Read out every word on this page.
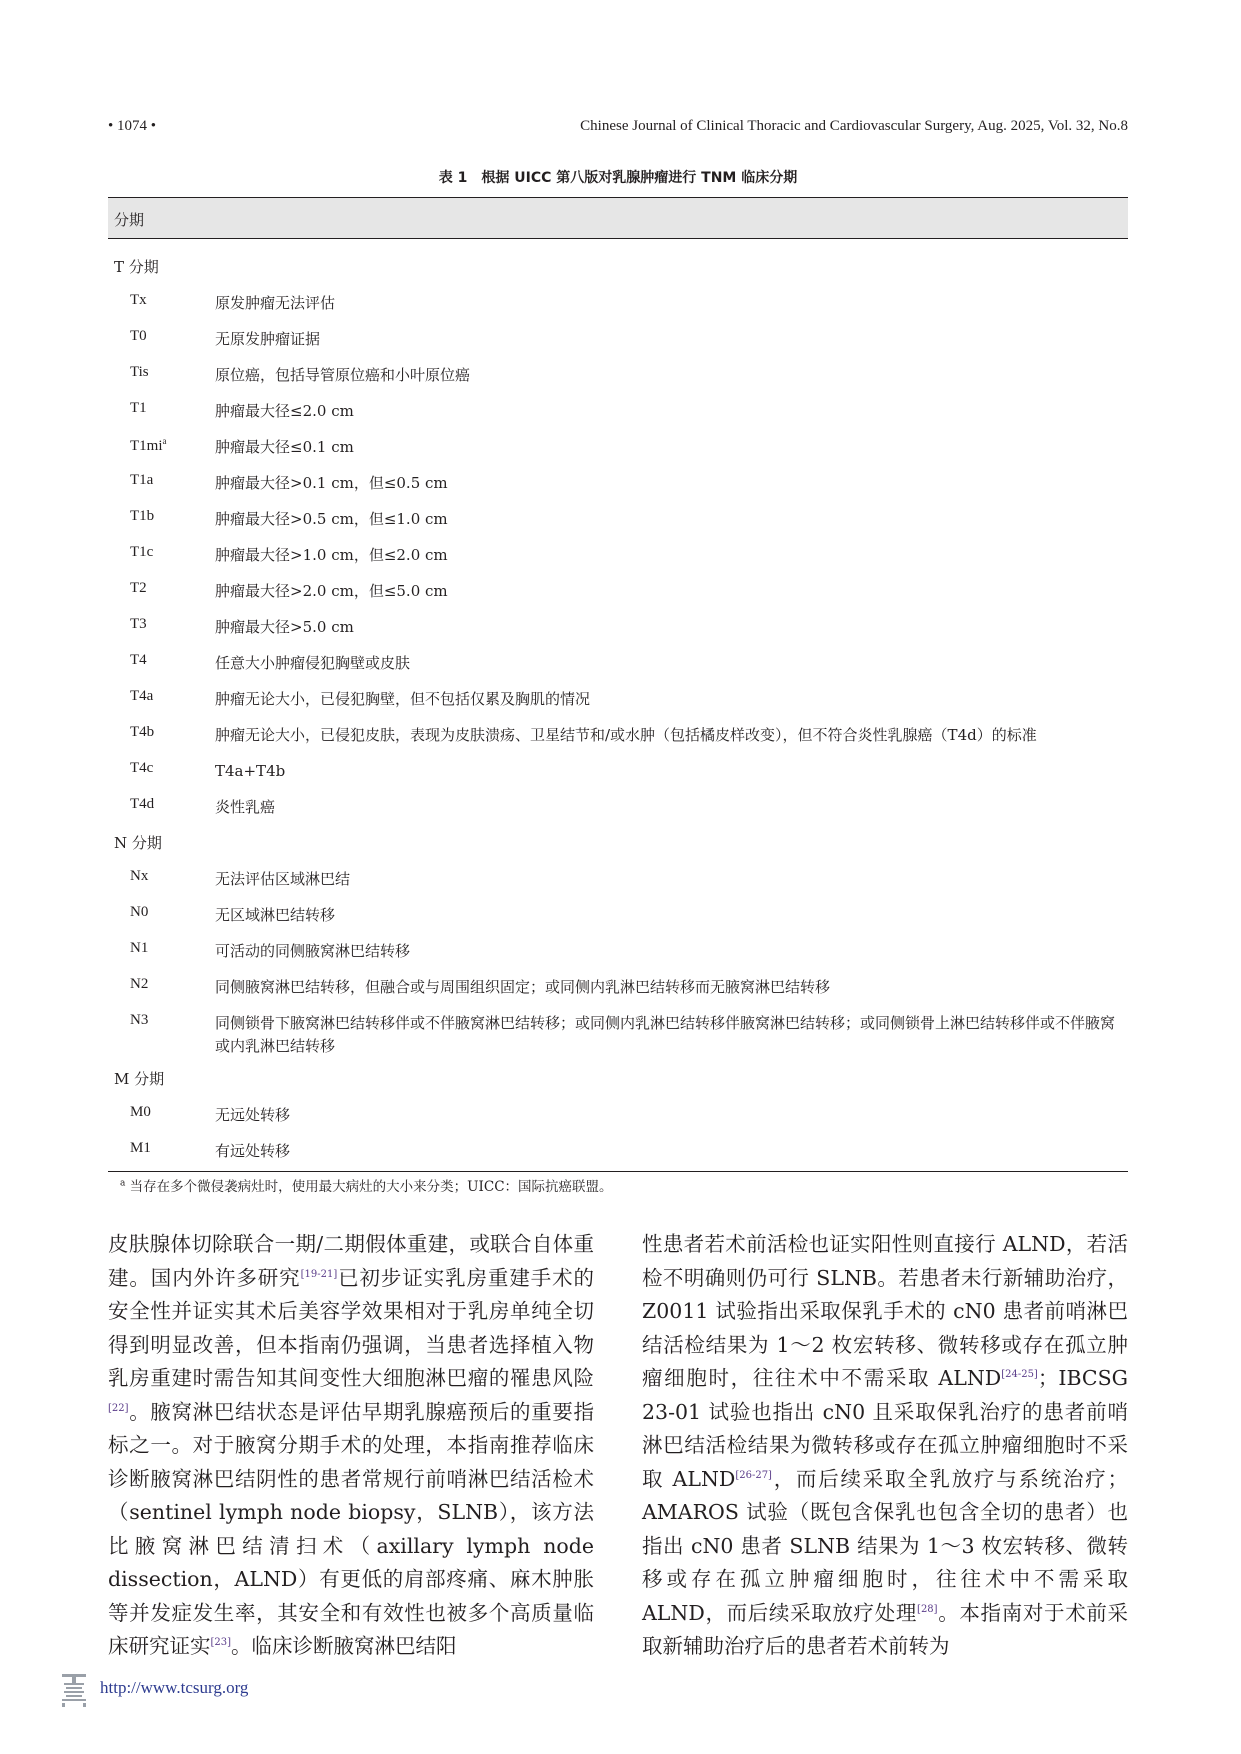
• 1074 •	Chinese Journal of Clinical Thoracic and Cardiovascular Surgery, Aug. 2025, Vol. 32, No.8
表 1　根据 UICC 第八版对乳腺肿瘤进行 TNM 临床分期
分期
T 分期
Tx	原发肿瘤无法评估
T0	无原发肿瘤证据
Tis	原位癌，包括导管原位癌和小叶原位癌
T1	肿瘤最大径≤2.0 cm
$T1mi^a$	肿瘤最大径≤0.1 cm
T1a	肿瘤最大径>0.1 cm，但≤0.5 cm
T1b	肿瘤最大径>0.5 cm，但≤1.0 cm
T1c	肿瘤最大径>1.0 cm，但≤2.0 cm
T2	肿瘤最大径>2.0 cm，但≤5.0 cm
T3	肿瘤最大径>5.0 cm
T4	任意大小肿瘤侵犯胸壁或皮肤
T4a	肿瘤无论大小，已侵犯胸壁，但不包括仅累及胸肌的情况
T4b	肿瘤无论大小，已侵犯皮肤，表现为皮肤溃疡、卫星结节和/或水肿（包括橘皮样改变），但不符合炎性乳腺癌（T4d）的标准
T4c	T4a+T4b
T4d	炎性乳癌
N 分期
Nx	无法评估区域淋巴结
N0	无区域淋巴结转移
N1	可活动的同侧腋窝淋巴结转移
N2	同侧腋窝淋巴结转移，但融合或与周围组织固定；或同侧内乳淋巴结转移而无腋窝淋巴结转移
N3	同侧锁骨下腋窝淋巴结转移伴或不伴腋窝淋巴结转移；或同侧内乳淋巴结转移伴腋窝淋巴结转移；或同侧锁骨上淋巴结转移伴或不伴腋窝或内乳淋巴结转移
M 分期
M0	无远处转移
M1	有远处转移
$^a$ 当存在多个微侵袭病灶时，使用最大病灶的大小来分类；UICC：国际抗癌联盟。

皮肤腺体切除联合一期/二期假体重建，或联合自体重建。国内外许多研究[19-21]已初步证实乳房重建手术的安全性并证实其术后美容学效果相对于乳房单纯全切得到明显改善，但本指南仍强调，当患者选择植入物乳房重建时需告知其间变性大细胞淋巴瘤的罹患风险[22]。腋窝淋巴结状态是评估早期乳腺癌预后的重要指标之一。对于腋窝分期手术的处理，本指南推荐临床诊断腋窝淋巴结阴性的患者常规行前哨淋巴结活检术（sentinel lymph node biopsy，SLNB），该方法比腋窝淋巴结清扫术（axillary lymph node dissection，ALND）有更低的肩部疼痛、麻木肿胀等并发症发生率，其安全和有效性也被多个高质量临床研究证实[23]。临床诊断腋窝淋巴结阳

性患者若术前活检也证实阳性则直接行 ALND，若活检不明确则仍可行 SLNB。若患者未行新辅助治疗，Z0011 试验指出采取保乳手术的 cN0 患者前哨淋巴结活检结果为 1～2 枚宏转移、微转移或存在孤立肿瘤细胞时，往往术中不需采取 ALND[24-25]；IBCSG 23-01 试验也指出 cN0 且采取保乳治疗的患者前哨淋巴结活检结果为微转移或存在孤立肿瘤细胞时不采取 ALND[26-27]，而后续采取全乳放疗与系统治疗；AMAROS 试验（既包含保乳也包含全切的患者）也指出 cN0 患者 SLNB 结果为 1～3 枚宏转移、微转移或存在孤立肿瘤细胞时，往往术中不需采取 ALND，而后续采取放疗处理[28]。本指南对于术前采取新辅助治疗后的患者若术前转为

http://www.tcsurg.org
